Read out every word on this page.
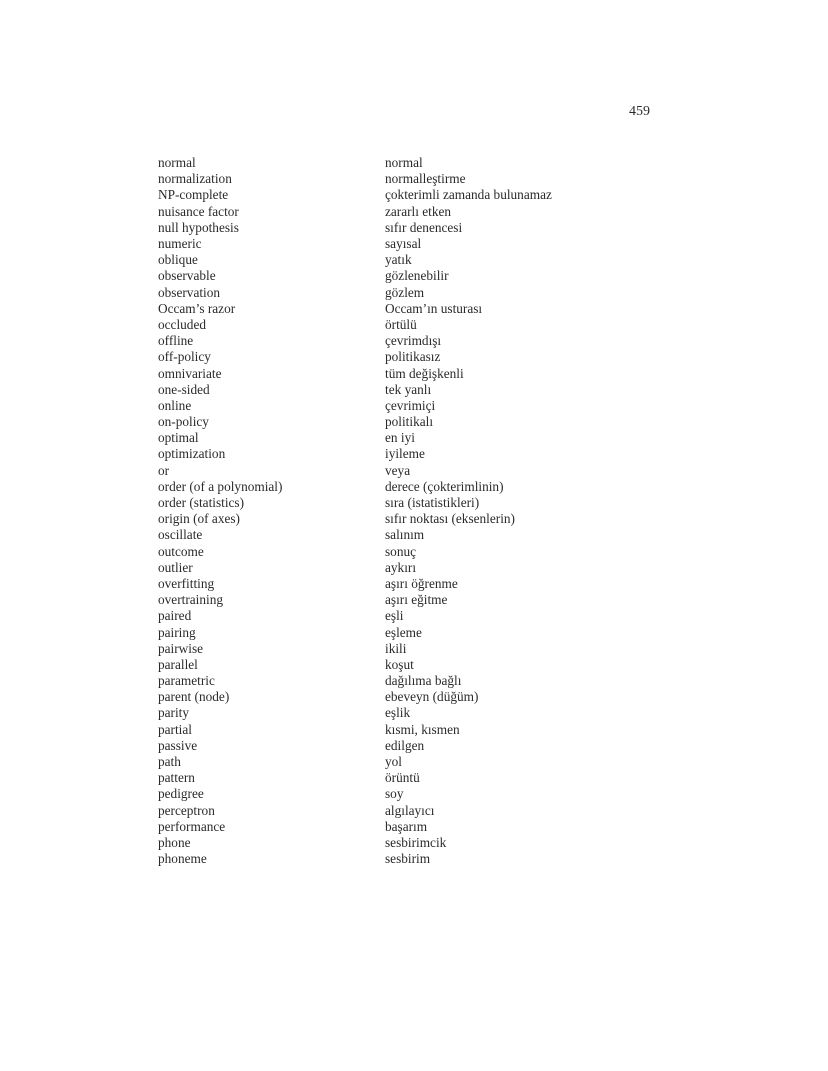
459
normal	normal
normalization	normalleştirme
NP-complete	çokterimli zamanda bulunamaz
nuisance factor	zararlı etken
null hypothesis	sıfır denencesi
numeric	sayısal
oblique	yatık
observable	gözlenebilir
observation	gözlem
Occam’s razor	Occam’ın usturası
occluded	örtülü
offline	çevrimdışı
off-policy	politikasız
omnivariate	tüm değişkenli
one-sided	tek yanlı
online	çevrimiçi
on-policy	politikalı
optimal	en iyi
optimization	iyileme
or	veya
order (of a polynomial)	derece (çokterimlinin)
order (statistics)	sıra (istatistikleri)
origin (of axes)	sıfır noktası (eksenlerin)
oscillate	salınım
outcome	sonuç
outlier	aykırı
overfitting	aşırı öğrenme
overtraining	aşırı eğitme
paired	eşli
pairing	eşleme
pairwise	ikili
parallel	koşut
parametric	dağılıma bağlı
parent (node)	ebeveyn (düğüm)
parity	eşlik
partial	kısmi, kısmen
passive	edilgen
path	yol
pattern	örüntü
pedigree	soy
perceptron	algılayıcı
performance	başarım
phone	sesbirimcik
phoneme	sesbirim
